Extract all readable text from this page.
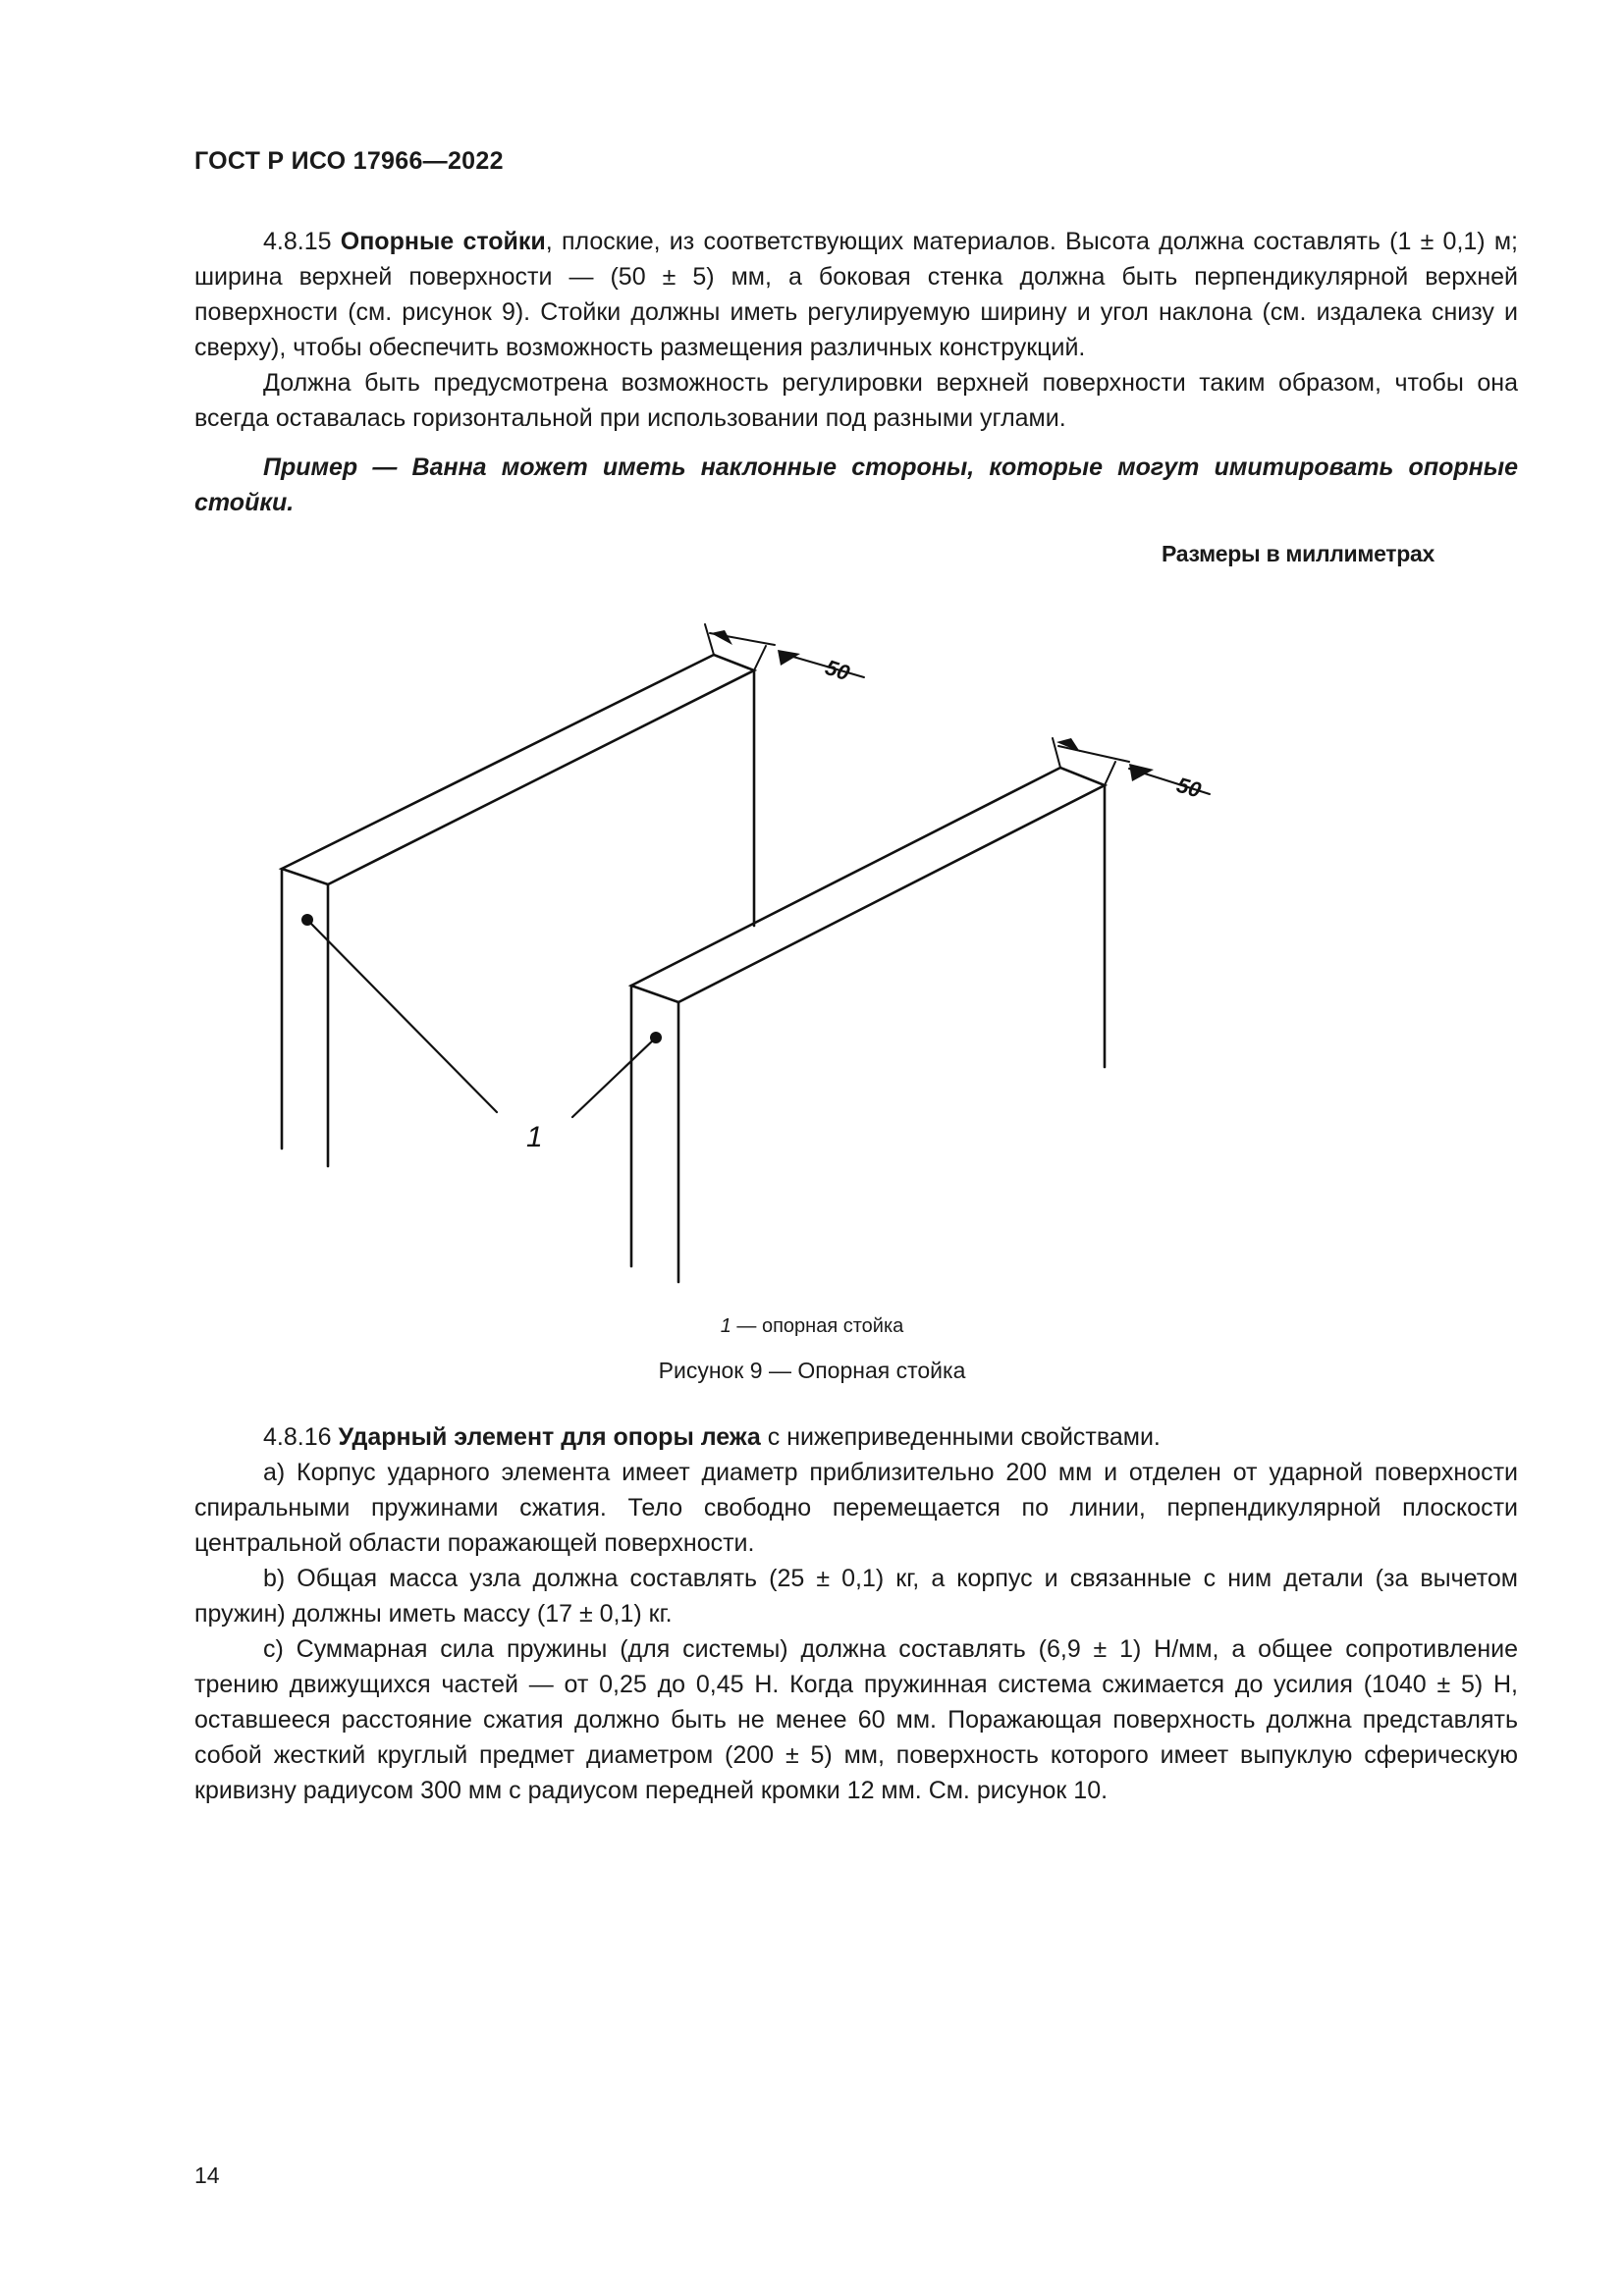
ГОСТ Р ИСО 17966—2022

4.8.15 Опорные стойки, плоские, из соответствующих материалов. Высота должна составлять (1 ± 0,1) м; ширина верхней поверхности — (50 ± 5) мм, а боковая стенка должна быть перпендикулярной верхней поверхности (см. рисунок 9). Стойки должны иметь регулируемую ширину и угол наклона (см. издалека снизу и сверху), чтобы обеспечить возможность размещения различных конструкций.

Должна быть предусмотрена возможность регулировки верхней поверхности таким образом, чтобы она всегда оставалась горизонтальной при использовании под разными углами.

Пример — Ванна может иметь наклонные стороны, которые могут имитировать опорные стойки.

Размеры в миллиметрах
50
50
1
1 — опорная стойка
Рисунок 9 — Опорная стойка

4.8.16 Ударный элемент для опоры лежа с нижеприведенными свойствами.

a) Корпус ударного элемента имеет диаметр приблизительно 200 мм и отделен от ударной поверхности спиральными пружинами сжатия. Тело свободно перемещается по линии, перпендикулярной плоскости центральной области поражающей поверхности.

b) Общая масса узла должна составлять (25 ± 0,1) кг, а корпус и связанные с ним детали (за вычетом пружин) должны иметь массу (17 ± 0,1) кг.

c) Суммарная сила пружины (для системы) должна составлять (6,9 ± 1) Н/мм, а общее сопротивление трению движущихся частей — от 0,25 до 0,45 Н. Когда пружинная система сжимается до усилия (1040 ± 5) Н, оставшееся расстояние сжатия должно быть не менее 60 мм. Поражающая поверхность должна представлять собой жесткий круглый предмет диаметром (200 ± 5) мм, поверхность которого имеет выпуклую сферическую кривизну радиусом 300 мм с радиусом передней кромки 12 мм. См. рисунок 10.

14
